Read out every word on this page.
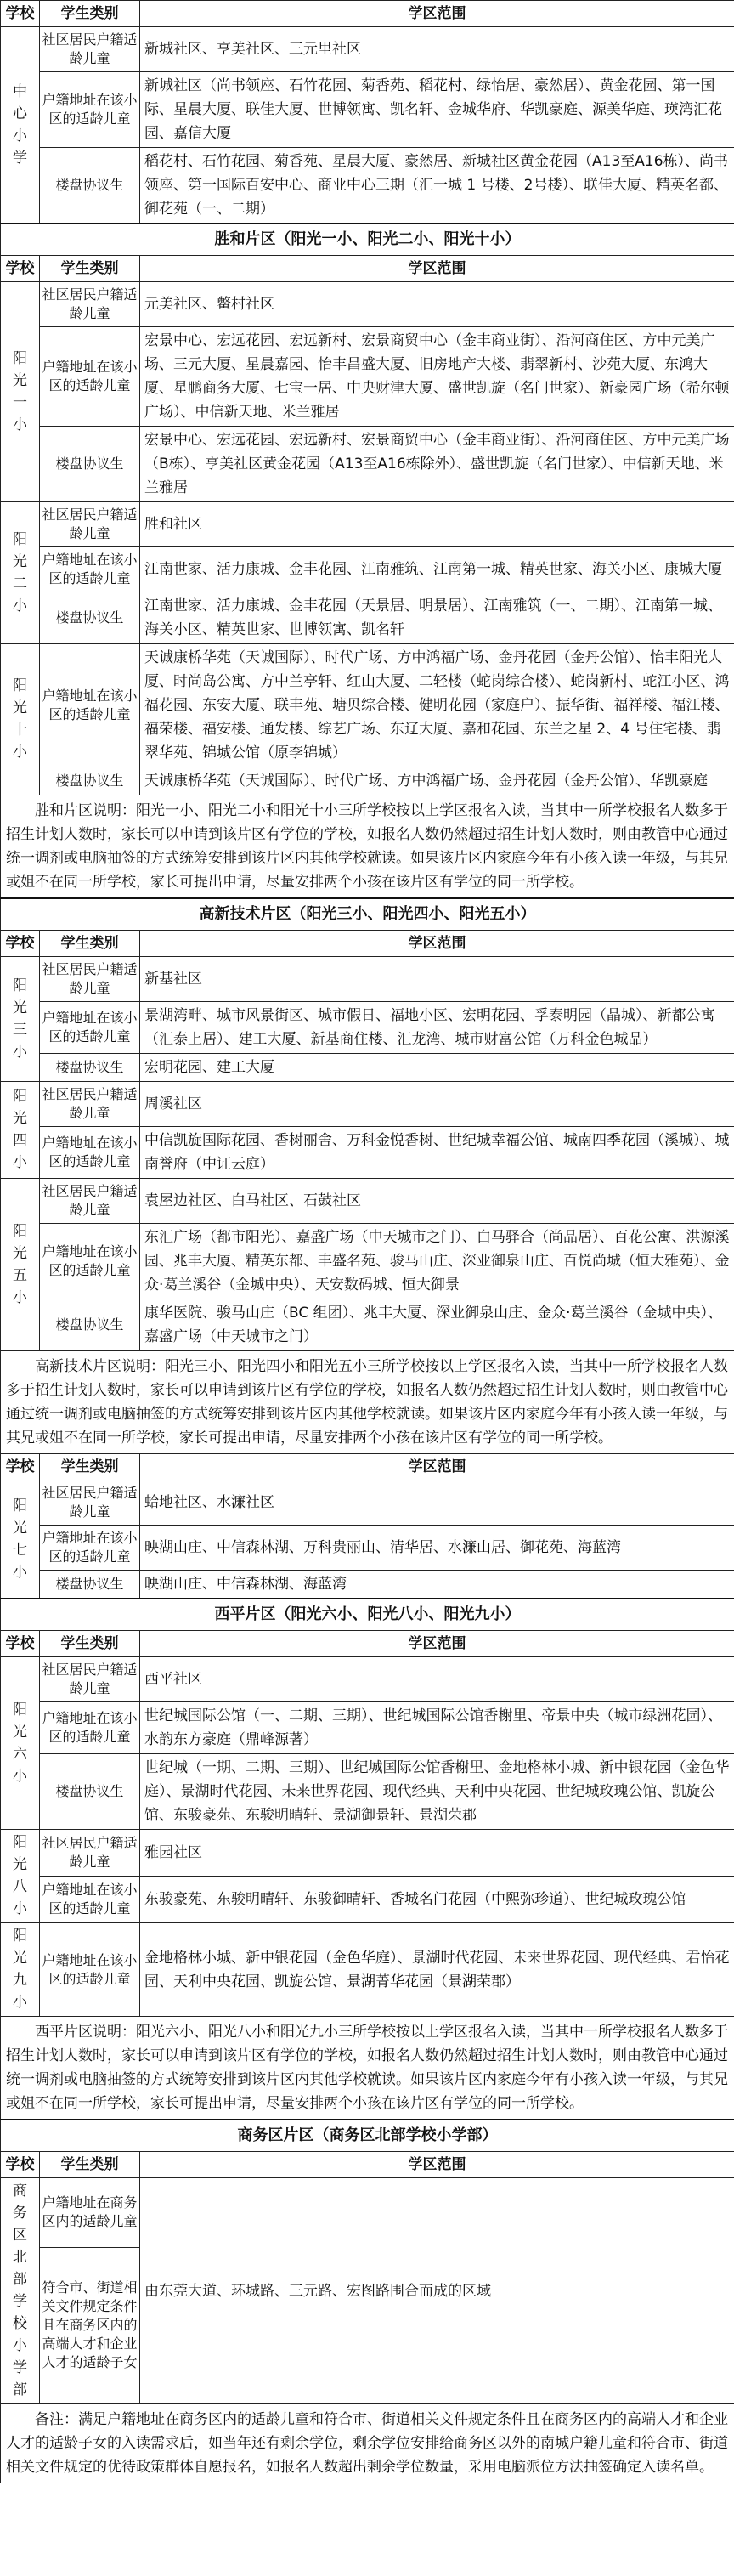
学校	学生类别	学区范围
中心小学	社区居民户籍适龄儿童	新城社区、亨美社区、三元里社区
	户籍地址在该小区的适龄儿童	新城社区（尚书领座、石竹花园、菊香苑、稻花村、绿怡居、豪然居）、黄金花园、第一国际、星晨大厦、联佳大厦、世博领寓、凯名轩、金城华府、华凯豪庭、源美华庭、瑛湾汇花园、嘉信大厦
	楼盘协议生	稻花村、石竹花园、菊香苑、星晨大厦、豪然居、新城社区黄金花园（A13至A16栋）、尚书领座、第一国际百安中心、商业中心三期（汇一城 1 号楼、2号楼）、联佳大厦、精英名都、御花苑（一、二期）
胜和片区（阳光一小、阳光二小、阳光十小）		
学校	学生类别	学区范围
阳光一小	社区居民户籍适龄儿童	元美社区、鳖村社区
	户籍地址在该小区的适龄儿童	宏景中心、宏远花园、宏远新村、宏景商贸中心（金丰商业街）、沿河商住区、方中元美广场、三元大厦、星晨嘉园、怡丰昌盛大厦、旧房地产大楼、翡翠新村、沙苑大厦、东鸿大厦、星鹏商务大厦、七宝一居、中央财津大厦、盛世凯旋（名门世家）、新豪园广场（希尔顿广场）、中信新天地、米兰雅居
	楼盘协议生	宏景中心、宏远花园、宏远新村、宏景商贸中心（金丰商业街）、沿河商住区、方中元美广场（B栋）、亨美社区黄金花园（A13至A16栋除外）、盛世凯旋（名门世家）、中信新天地、米兰雅居
阳光二小	社区居民户籍适龄儿童	胜和社区
	户籍地址在该小区的适龄儿童	江南世家、活力康城、金丰花园、江南雅筑、江南第一城、精英世家、海关小区、康城大厦
	楼盘协议生	江南世家、活力康城、金丰花园（天景居、明景居）、江南雅筑（一、二期）、江南第一城、海关小区、精英世家、世博领寓、凯名轩
阳光十小	户籍地址在该小区的适龄儿童	天诚康桥华苑（天诚国际）、时代广场、方中鸿福广场、金丹花园（金丹公馆）、怡丰阳光大厦、时尚岛公寓、方中兰亭轩、红山大厦、二轻楼（蛇岗综合楼）、蛇岗新村、蛇江小区、鸿福花园、东安大厦、联丰苑、塘贝综合楼、健明花园（家庭户）、振华街、福祥楼、福江楼、福荣楼、福安楼、通发楼、综艺广场、东辽大厦、嘉和花园、东兰之星 2、4 号住宅楼、翡翠华苑、锦城公馆（原李锦城）
	楼盘协议生	天诚康桥华苑（天诚国际）、时代广场、方中鸿福广场、金丹花园（金丹公馆）、华凯豪庭
胜和片区说明：阳光一小、阳光二小和阳光十小三所学校按以上学区报名入读，当其中一所学校报名人数多于招生计划人数时，家长可以申请到该片区有学位的学校，如报名人数仍然超过招生计划人数时，则由教管中心通过统一调剂或电脑抽签的方式统筹安排到该片区内其他学校就读。如果该片区内家庭今年有小孩入读一年级，与其兄或姐不在同一所学校，家长可提出申请，尽量安排两个小孩在该片区有学位的同一所学校。		
高新技术片区（阳光三小、阳光四小、阳光五小）		
学校	学生类别	学区范围
阳光三小	社区居民户籍适龄儿童	新基社区
	户籍地址在该小区的适龄儿童	景湖湾畔、城市风景街区、城市假日、福地小区、宏明花园、孚泰明园（晶城）、新都公寓（汇泰上居）、建工大厦、新基商住楼、汇龙湾、城市财富公馆（万科金色城品）
	楼盘协议生	宏明花园、建工大厦
阳光四小	社区居民户籍适龄儿童	周溪社区
	户籍地址在该小区的适龄儿童	中信凯旋国际花园、香树丽舍、万科金悦香树、世纪城幸福公馆、城南四季花园（溪城）、城南誉府（中证云庭）
阳光五小	社区居民户籍适龄儿童	袁屋边社区、白马社区、石鼓社区
	户籍地址在该小区的适龄儿童	东汇广场（都市阳光）、嘉盛广场（中天城市之门）、白马驿合（尚品居）、百花公寓、洪源溪园、兆丰大厦、精英东都、丰盛名苑、骏马山庄、深业御泉山庄、百悦尚城（恒大雅苑）、金众·葛兰溪谷（金城中央）、天安数码城、恒大御景
	楼盘协议生	康华医院、骏马山庄（BC 组团）、兆丰大厦、深业御泉山庄、金众·葛兰溪谷（金城中央）、嘉盛广场（中天城市之门）
高新技术片区说明：阳光三小、阳光四小和阳光五小三所学校按以上学区报名入读，当其中一所学校报名人数多于招生计划人数时，家长可以申请到该片区有学位的学校，如报名人数仍然超过招生计划人数时，则由教管中心通过统一调剂或电脑抽签的方式统筹安排到该片区内其他学校就读。如果该片区内家庭今年有小孩入读一年级，与其兄或姐不在同一所学校，家长可提出申请，尽量安排两个小孩在该片区有学位的同一所学校。		
学校	学生类别	学区范围
阳光七小	社区居民户籍适龄儿童	蛤地社区、水濂社区
	户籍地址在该小区的适龄儿童	映湖山庄、中信森林湖、万科贵丽山、清华居、水濂山居、御花苑、海蓝湾
	楼盘协议生	映湖山庄、中信森林湖、海蓝湾
西平片区（阳光六小、阳光八小、阳光九小）		
学校	学生类别	学区范围
阳光六小	社区居民户籍适龄儿童	西平社区
	户籍地址在该小区的适龄儿童	世纪城国际公馆（一、二期、三期）、世纪城国际公馆香榭里、帝景中央（城市绿洲花园）、水韵东方豪庭（鼎峰源著）
	楼盘协议生	世纪城（一期、二期、三期）、世纪城国际公馆香榭里、金地格林小城、新中银花园（金色华庭）、景湖时代花园、未来世界花园、现代经典、天利中央花园、世纪城玫瑰公馆、凯旋公馆、东骏豪苑、东骏明晴轩、景湖御景轩、景湖荣郡
阳光八小	社区居民户籍适龄儿童	雅园社区
	户籍地址在该小区的适龄儿童	东骏豪苑、东骏明晴轩、东骏御晴轩、香城名门花园（中熙弥珍道）、世纪城玫瑰公馆
阳光九小	户籍地址在该小区的适龄儿童	金地格林小城、新中银花园（金色华庭）、景湖时代花园、未来世界花园、现代经典、君怡花园、天利中央花园、凯旋公馆、景湖菁华花园（景湖荣郡）
西平片区说明：阳光六小、阳光八小和阳光九小三所学校按以上学区报名入读，当其中一所学校报名人数多于招生计划人数时，家长可以申请到该片区有学位的学校，如报名人数仍然超过招生计划人数时，则由教管中心通过统一调剂或电脑抽签的方式统筹安排到该片区内其他学校就读。如果该片区内家庭今年有小孩入读一年级，与其兄或姐不在同一所学校，家长可提出申请，尽量安排两个小孩在该片区有学位的同一所学校。		
商务区片区（商务区北部学校小学部）		
学校	学生类别	学区范围
商务区北部学校小学部	户籍地址在商务区内的适龄儿童	由东莞大道、环城路、三元路、宏图路围合而成的区域
	符合市、街道相关文件规定条件且在商务区内的高端人才和企业人才的适龄子女	
备注：满足户籍地址在商务区内的适龄儿童和符合市、街道相关文件规定条件且在商务区内的高端人才和企业人才的适龄子女的入读需求后，如当年还有剩余学位，剩余学位安排给商务区以外的南城户籍儿童和符合市、街道相关文件规定的优待政策群体自愿报名，如报名人数超出剩余学位数量，采用电脑派位方法抽签确定入读名单。		
